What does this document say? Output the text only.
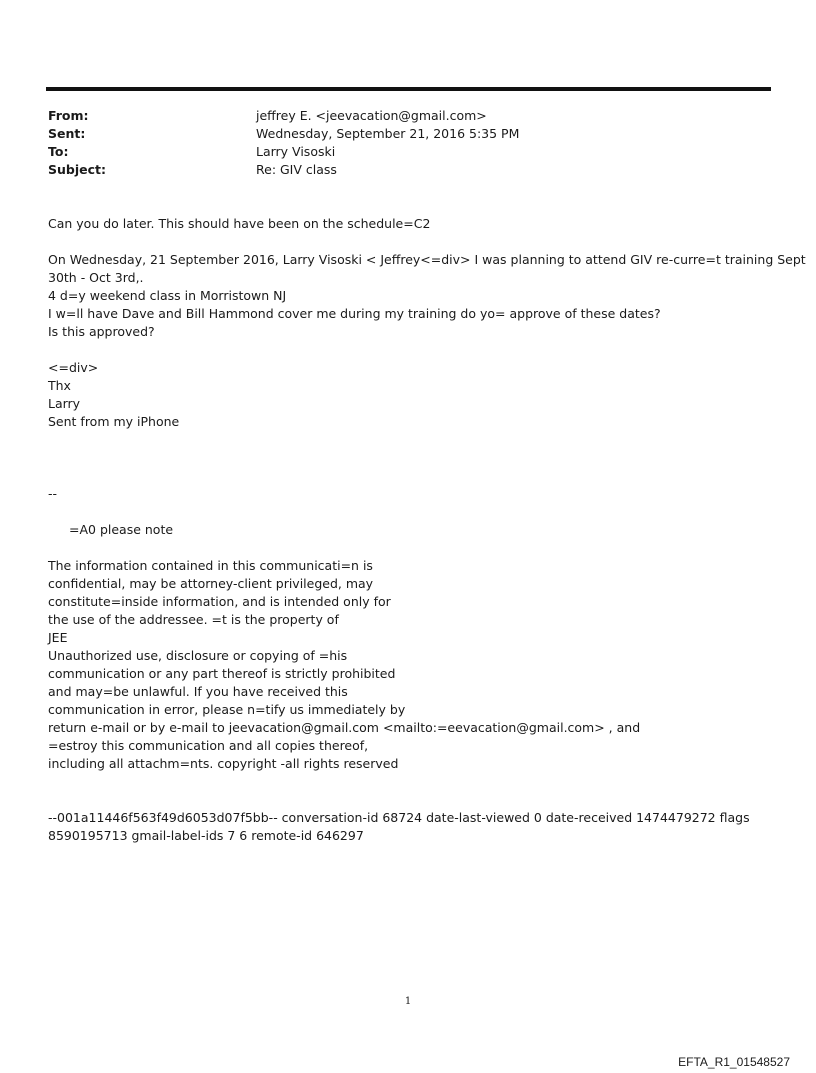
From:	jeffrey E. <jeevacation@gmail.com>
Sent:	Wednesday, September 21, 2016 5:35 PM
To:	Larry Visoski
Subject:	Re: GIV class
Can you do later. This should have been on the schedule=C2
On Wednesday, 21 September 2016, Larry Visoski < Jeffrey<=div> I was planning to attend GIV re-curre=t training Sept
30th - Oct 3rd,.
4 d=y weekend class in Morristown NJ
I w=ll have Dave and Bill Hammond cover me during my training do yo= approve of these dates?
Is this approved?
<=div>
Thx
Larry
Sent from my iPhone
--
=A0 please note
The information contained in this communicati=n is
confidential, may be attorney-client privileged, may
constitute=inside information, and is intended only for
the use of the addressee. =t is the property of
JEE
Unauthorized use, disclosure or copying of =his
communication or any part thereof is strictly prohibited
and may=be unlawful. If you have received this
communication in error, please n=tify us immediately by
return e-mail or by e-mail to jeevacation@gmail.com <mailto:=eevacation@gmail.com> , and
=estroy this communication and all copies thereof,
including all attachm=nts. copyright -all rights reserved
--001a11446f563f49d6053d07f5bb-- conversation-id 68724 date-last-viewed 0 date-received 1474479272 flags
8590195713 gmail-label-ids 7 6 remote-id 646297
1
EFTA_R1_01548527
